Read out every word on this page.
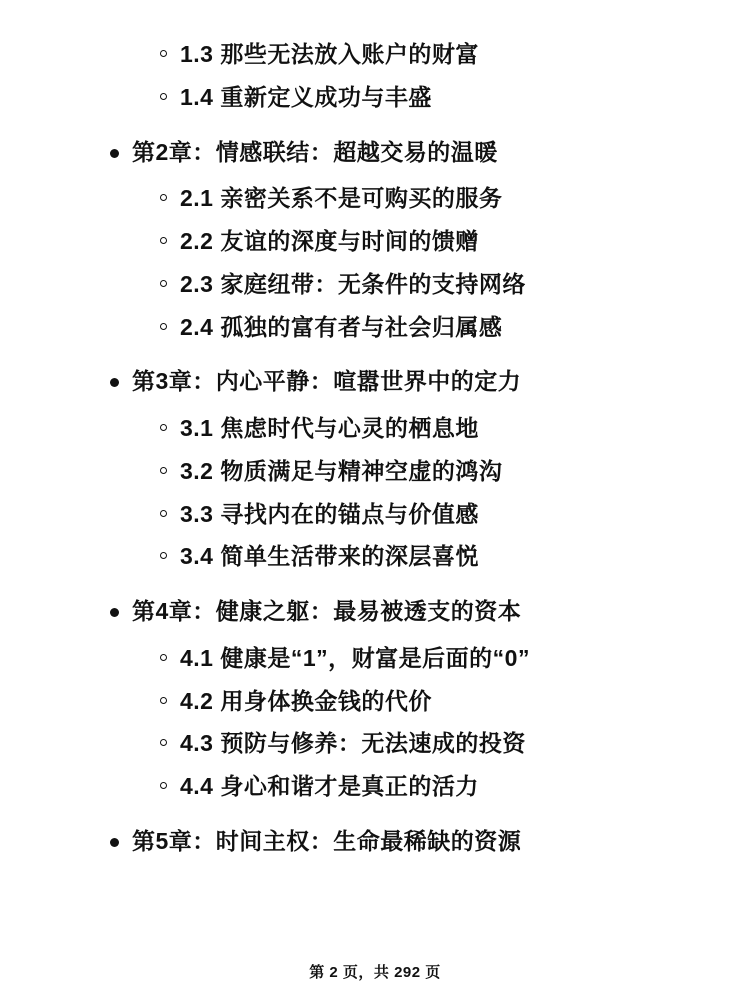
1.3 那些无法放入账户的财富
1.4 重新定义成功与丰盛
第2章：情感联结：超越交易的温暖
2.1 亲密关系不是可购买的服务
2.2 友谊的深度与时间的馈赠
2.3 家庭纽带：无条件的支持网络
2.4 孤独的富有者与社会归属感
第3章：内心平静：喧嚣世界中的定力
3.1 焦虑时代与心灵的栖息地
3.2 物质满足与精神空虚的鸿沟
3.3 寻找内在的锚点与价值感
3.4 简单生活带来的深层喜悦
第4章：健康之躯：最易被透支的资本
4.1 健康是“1”，财富是后面的“0”
4.2 用身体换金钱的代价
4.3 预防与修养：无法速成的投资
4.4 身心和谐才是真正的活力
第5章：时间主权：生命最稀缺的资源
第 2 页，共 292 页
